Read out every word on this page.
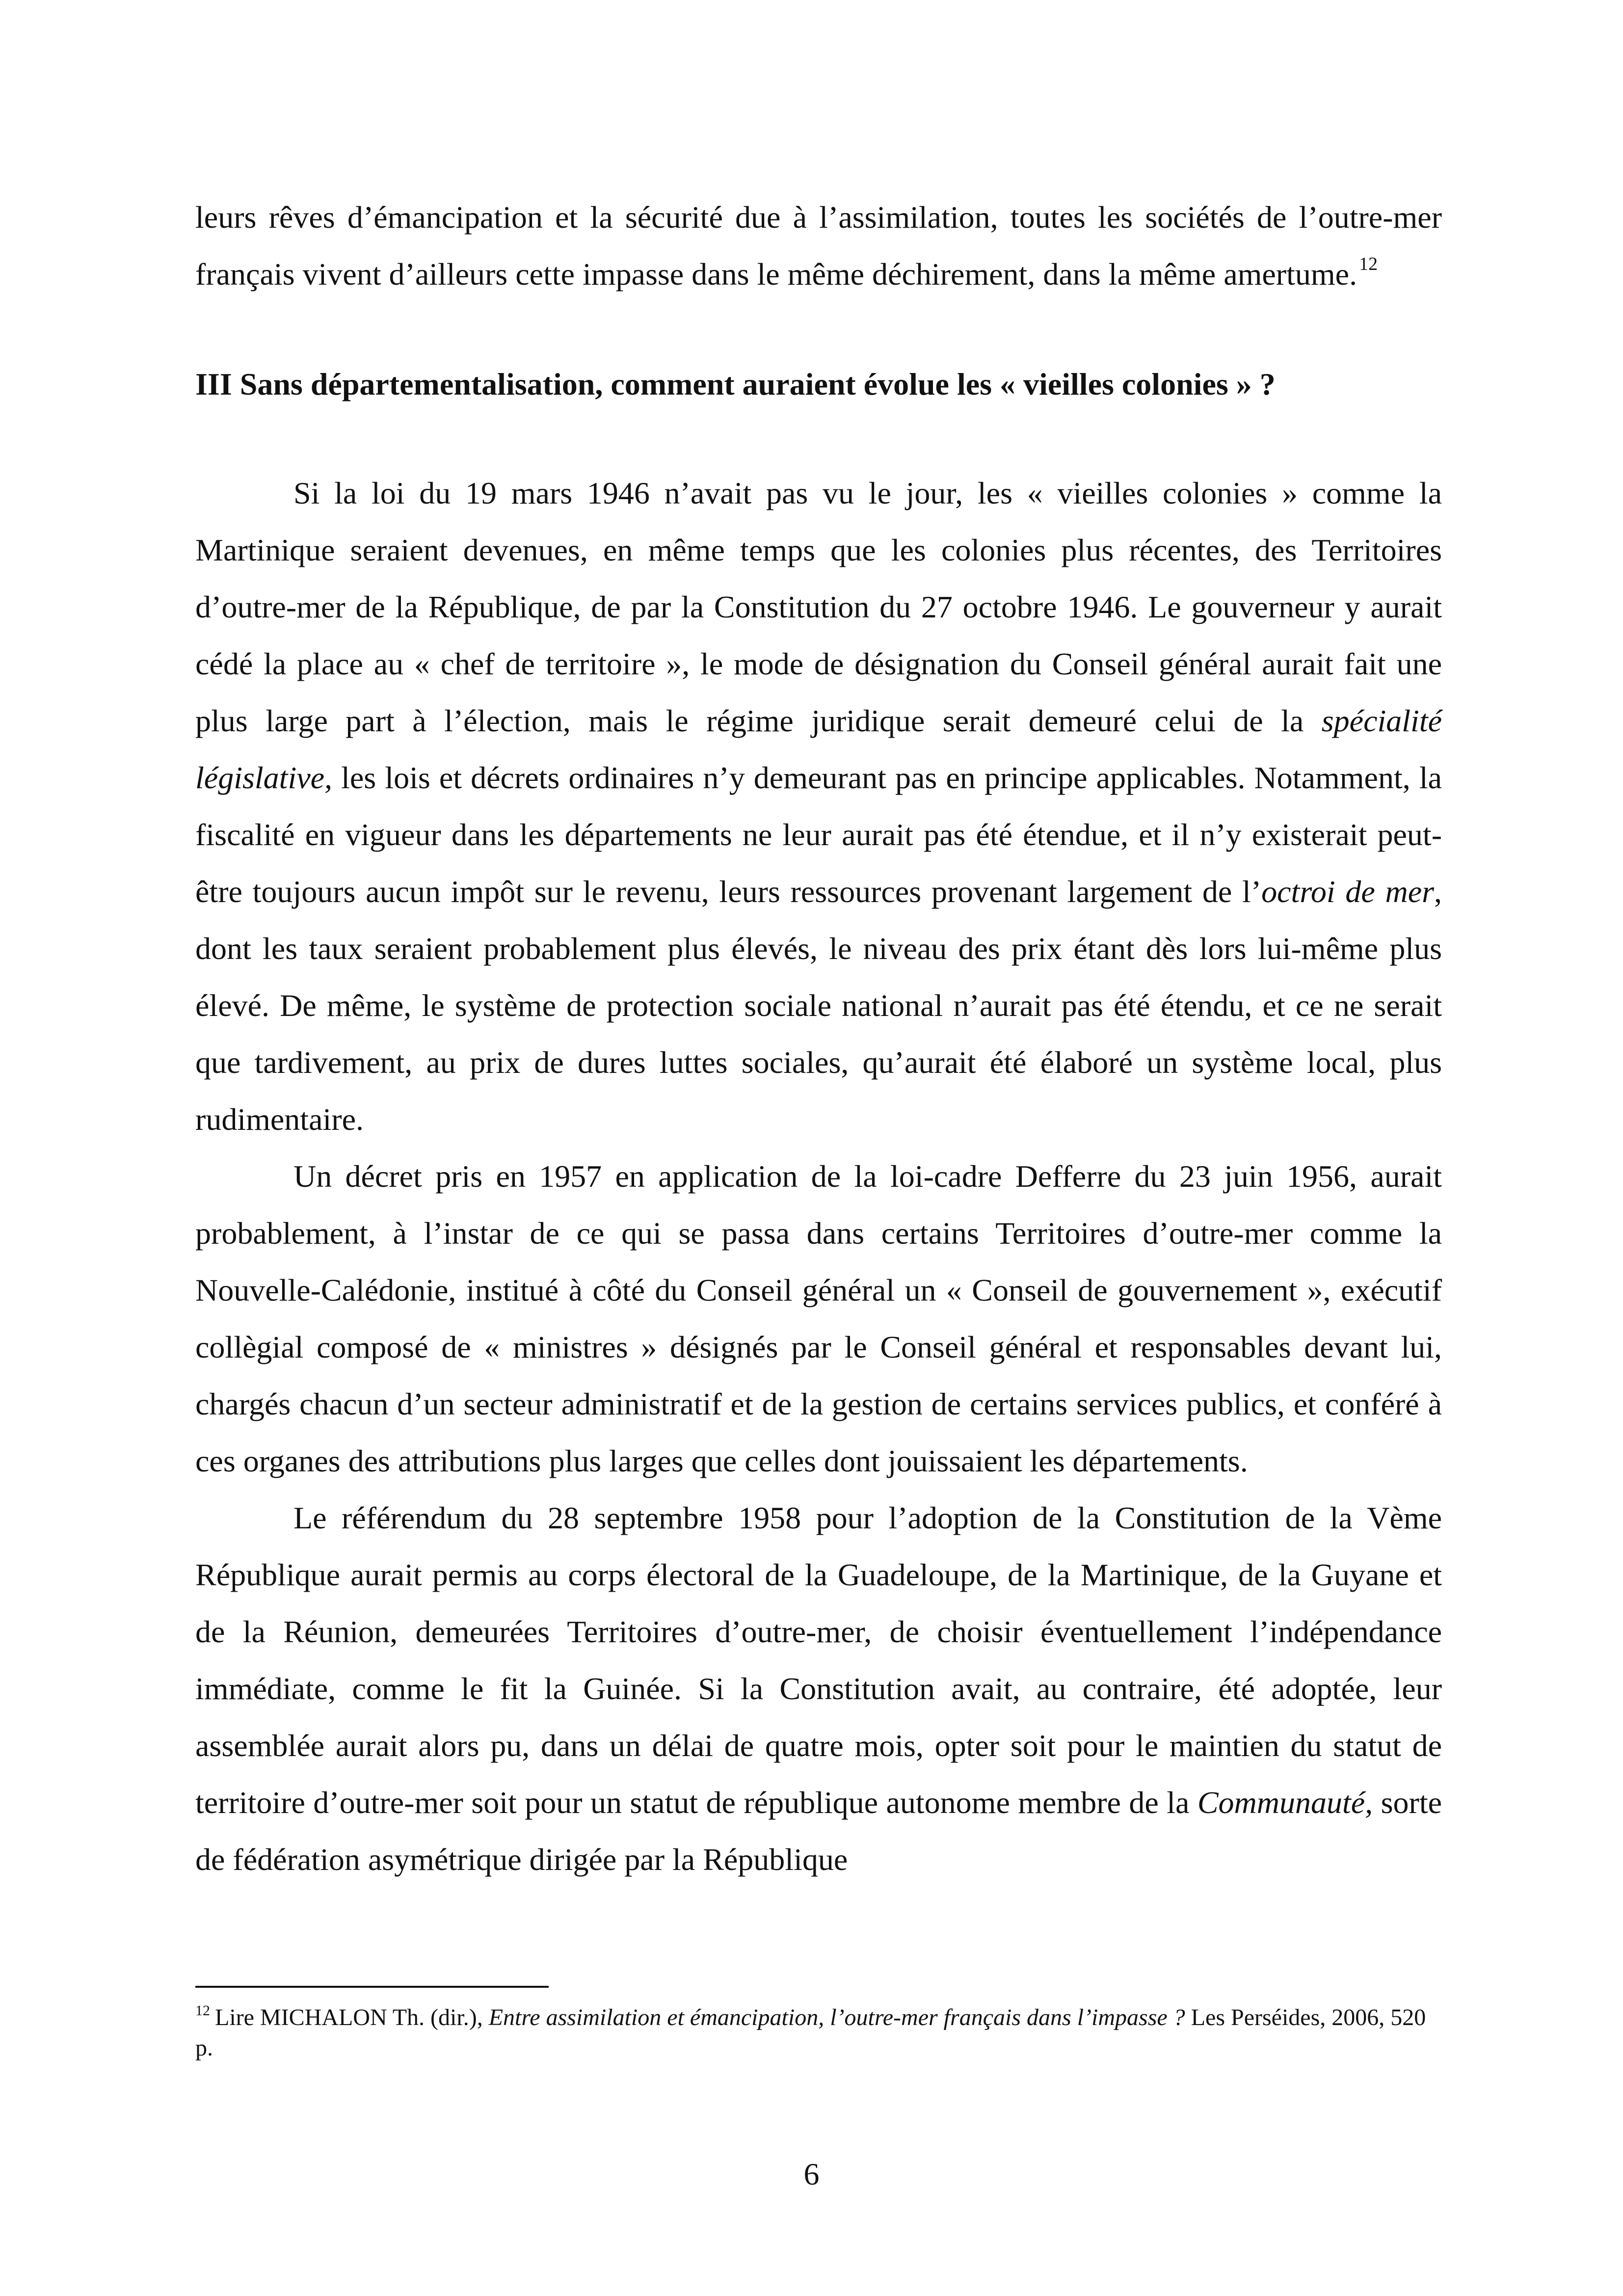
leurs rêves d’émancipation et la sécurité due à l’assimilation, toutes les sociétés de l’outre-mer français vivent d’ailleurs cette impasse dans le même déchirement, dans la même amertume. $^{12}$

III Sans départementalisation, comment auraient évolue les « vieilles colonies » ?

Si la loi du 19 mars 1946 n’avait pas vu le jour, les « vieilles colonies » comme la Martinique seraient devenues, en même temps que les colonies plus récentes, des Territoires d’outre-mer de la République, de par la Constitution du 27 octobre 1946. Le gouverneur y aurait cédé la place au « chef de territoire », le mode de désignation du Conseil général aurait fait une plus large part à l’élection, mais le régime juridique serait demeuré celui de la spécialité législative, les lois et décrets ordinaires n’y demeurant pas en principe applicables. Notamment, la fiscalité en vigueur dans les départements ne leur aurait pas été étendue, et il n’y existerait peut-être toujours aucun impôt sur le revenu, leurs ressources provenant largement de l’octroi de mer, dont les taux seraient probablement plus élevés, le niveau des prix étant dès lors lui-même plus élevé. De même, le système de protection sociale national n’aurait pas été étendu, et ce ne serait que tardivement, au prix de dures luttes sociales, qu’aurait été élaboré un système local, plus rudimentaire.

Un décret pris en 1957 en application de la loi-cadre Defferre du 23 juin 1956, aurait probablement, à l’instar de ce qui se passa dans certains Territoires d’outre-mer comme la Nouvelle-Calédonie, institué à côté du Conseil général un « Conseil de gouvernement », exécutif collègial composé de « ministres » désignés par le Conseil général et responsables devant lui, chargés chacun d’un secteur administratif et de la gestion de certains services publics, et conféré à ces organes des attributions plus larges que celles dont jouissaient les départements.

Le référendum du 28 septembre 1958 pour l’adoption de la Constitution de la Vème République aurait permis au corps électoral de la Guadeloupe, de la Martinique, de la Guyane et de la Réunion, demeurées Territoires d’outre-mer, de choisir éventuellement l’indépendance immédiate, comme le fit la Guinée. Si la Constitution avait, au contraire, été adoptée, leur assemblée aurait alors pu, dans un délai de quatre mois, opter soit pour le maintien du statut de territoire d’outre-mer soit pour un statut de république autonome membre de la Communauté, sorte de fédération asymétrique dirigée par la République

$^{12}$ Lire MICHALON Th. (dir.), Entre assimilation et émancipation, l’outre-mer français dans l’impasse ? Les Perséides, 2006, 520 p.

6
